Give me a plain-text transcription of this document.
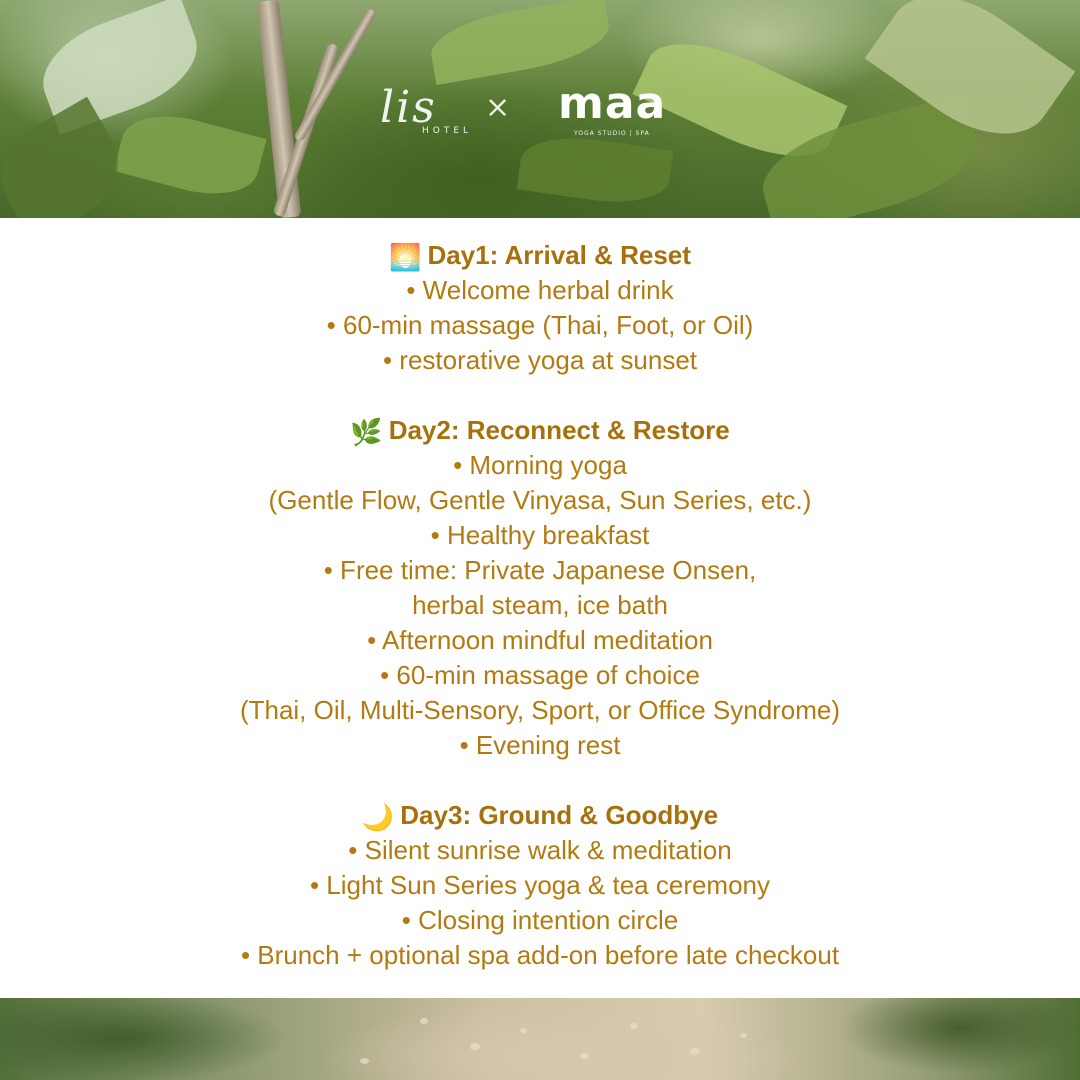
lis × maa
HOTEL	YOGA STUDIO | SPA
🌅 Day1: Arrival & Reset
• Welcome herbal drink
• 60-min massage (Thai, Foot, or Oil)
• restorative yoga at sunset
🌿 Day2: Reconnect & Restore
• Morning yoga
(Gentle Flow, Gentle Vinyasa, Sun Series, etc.)
• Healthy breakfast
• Free time: Private Japanese Onsen,
herbal steam, ice bath
• Afternoon mindful meditation
• 60-min massage of choice
(Thai, Oil, Multi-Sensory, Sport, or Office Syndrome)
• Evening rest
🌙 Day3: Ground & Goodbye
• Silent sunrise walk & meditation
• Light Sun Series yoga & tea ceremony
• Closing intention circle
• Brunch + optional spa add-on before late checkout
